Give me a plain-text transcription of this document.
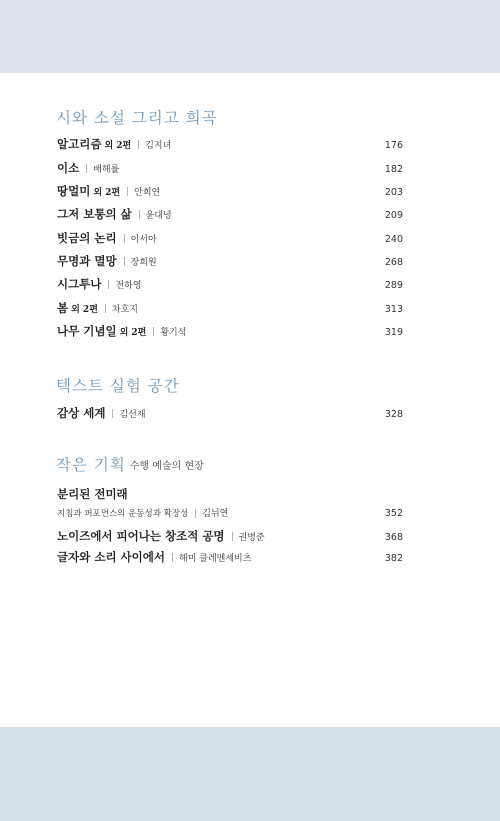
시와 소설 그리고 희곡
알고리즘 외 2편 김지녀	176
이소 배해률	182
땅멀미 외 2편 안희연	203
그저 보통의 삶 윤대녕	209
빗금의 논리 이서아	240
무명과 멸망 장희원	268
시그투나 전하영	289
봄 외 2편 차호지	313
나무 기념일 외 2편 황기석	319
텍스트 실험 공간
감상 세계 김선재	328
작은 기획 수행 예술의 현장
분리된 전미래
지침과 퍼포먼스의 운동성과 확장성 김뉘연	352
노이즈에서 피어나는 창조적 공명 권병준	368
글자와 소리 사이에서 해미 클레멘세비츠	382
